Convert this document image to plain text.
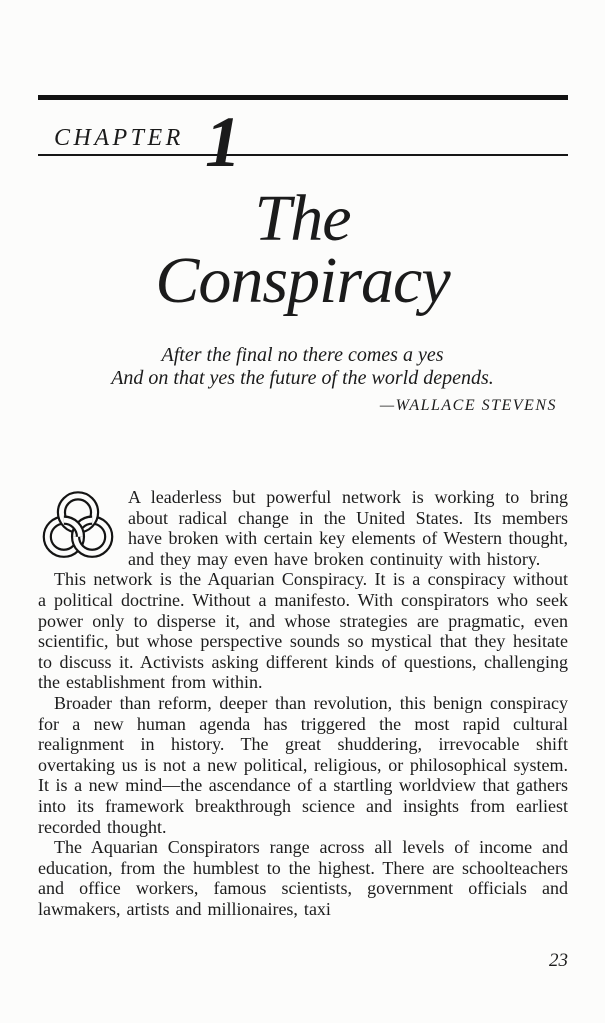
CHAPTER 1
The
Conspiracy
After the final no there comes a yes
And on that yes the future of the world depends.
—WALLACE STEVENS

A leaderless but powerful network is working to bring about radical change in the United States. Its members have broken with certain key elements of Western thought, and they may even have broken continuity with history.

This network is the Aquarian Conspiracy. It is a conspiracy without a political doctrine. Without a manifesto. With conspirators who seek power only to disperse it, and whose strategies are pragmatic, even scientific, but whose perspective sounds so mystical that they hesitate to discuss it. Activists asking different kinds of questions, challenging the establishment from within.

Broader than reform, deeper than revolution, this benign conspiracy for a new human agenda has triggered the most rapid cultural realignment in history. The great shuddering, irrevocable shift overtaking us is not a new political, religious, or philosophical system. It is a new mind—the ascendance of a startling worldview that gathers into its framework breakthrough science and insights from earliest recorded thought.

The Aquarian Conspirators range across all levels of income and education, from the humblest to the highest. There are schoolteachers and office workers, famous scientists, government officials and lawmakers, artists and millionaires, taxi

23
